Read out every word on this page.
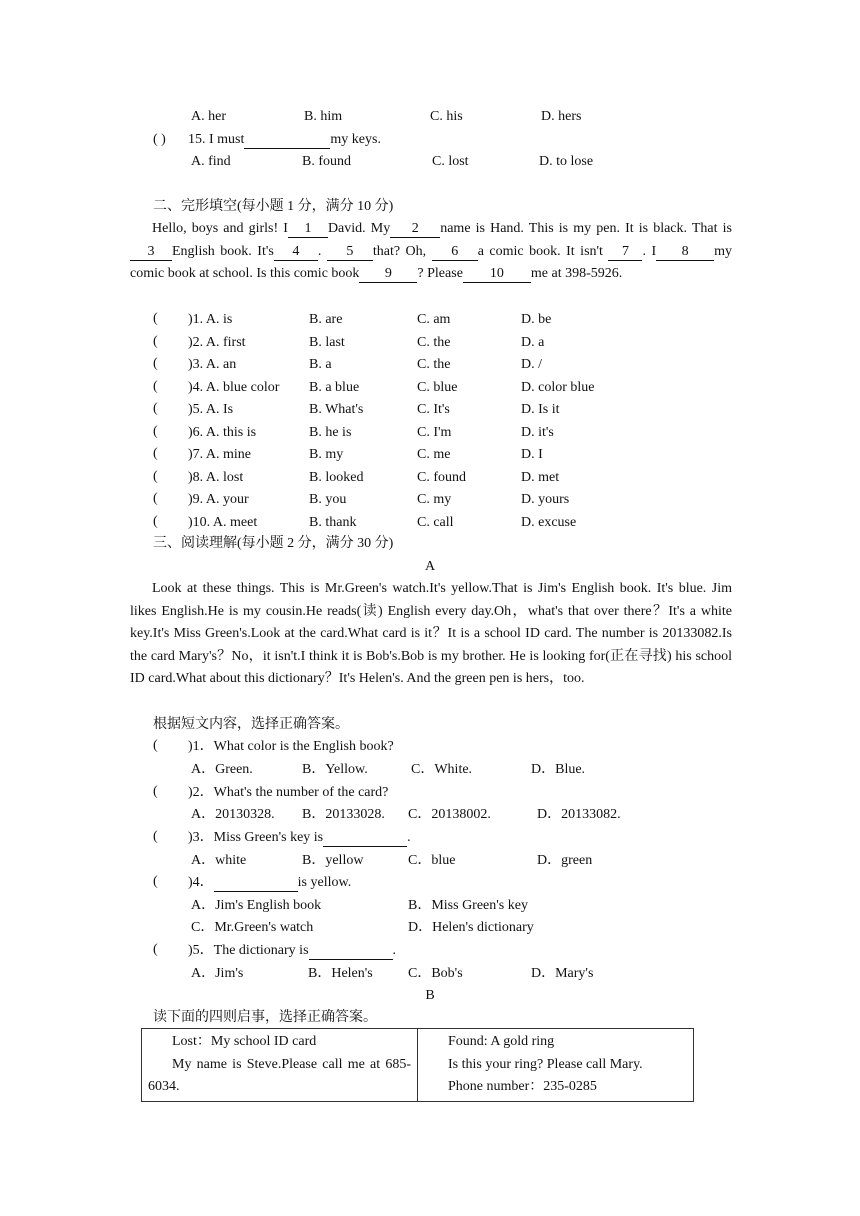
A. her	B. him	C. his	D. hers
( ) 15. I must	my keys.
A. find	B. found	C. lost	D. to lose
二、完形填空(每小题 1 分，满分 10 分)
Hello, boys and girls! I 1 David. My 2 name is Hand. This is my pen. It is black. That is3 English book. It's 4 . 5 that? Oh, 6 a comic book. It isn't 7 . I 8 my comic book at school. Is this comic book 9 ? Please 10 me at 398-5926.
( )1. A. is	B. are	C. am	D. be
( )2. A. first	B. last	C. the	D. a
( )3. A. an	B. a	C. the	D. /
( )4. A. blue color B. a blue	C. blue	D. color blue
( )5. A. Is	B. What's	C. It's	D. Is it
( )6. A. this is	B. he is	C. I'm	D. it's
( )7. A. mine	B. my	C. me	D. I
( )8. A. lost	B. looked	C. found	D. met
( )9. A. your	B. you	C. my	D. yours
( )10. A. meet	B. thank	C. call	D. excuse
三、阅读理解(每小题 2 分，满分 30 分)
A
Look at these things. This is Mr.Green's watch.It's yellow.That is Jim's English book. It's blue. Jim likes English.He is my cousin.He reads(读) English every day.Oh，what's that over there？It's a white key.It's Miss Green's.Look at the card.What card is it？It is a school ID card. The number is 20133082.Is the card Mary's？No，it isn't.I think it is Bob's.Bob is my brother. He is looking for(正在寻找) his school ID card.What about this dictionary？It's Helen's. And the green pen is hers，too.
根据短文内容，选择正确答案。
( )1．What color is the English book?
A．Green.	B．Yellow.	C．White.	D．Blue.
( )2．What's the number of the card?
A．20130328. B．20133028. C．20138002.	D．20133082.
( )3．Miss Green's key is	.
A．white	B．yellow	C．blue	D．green
( )4．	is yellow.
A．Jim's English book	B．Miss Green's key
C．Mr.Green's watch	D．Helen's dictionary
( )5．The dictionary is	.
A．Jim's	B．Helen's	C．Bob's	D．Mary's
B
读下面的四则启事，选择正确答案。
Lost：My school ID card
My name is Steve.Please call me at 685-6034.

Found: A gold ring
Is this your ring? Please call Mary.
Phone number：235-0285
